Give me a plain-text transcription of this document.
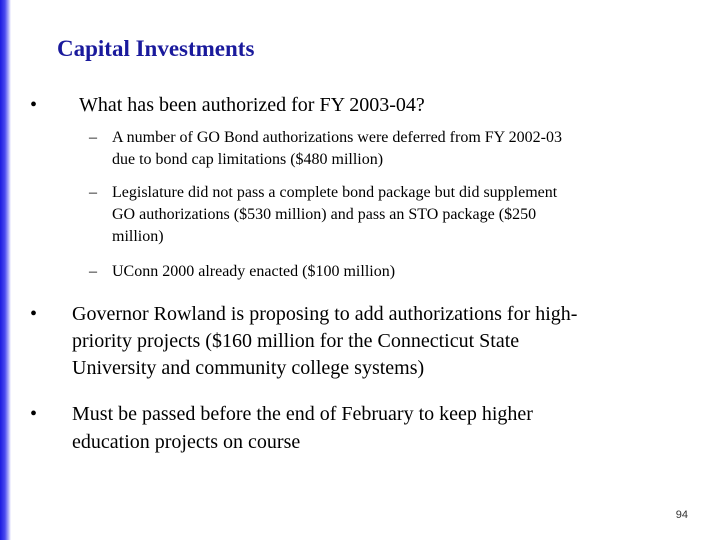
Capital Investments
•	What has been authorized for FY 2003-04?
– A number of GO Bond authorizations were deferred from FY 2002-03
due to bond cap limitations ($480 million)
– Legislature did not pass a complete bond package but did supplement
GO authorizations ($530 million) and pass an STO package ($250
million)
– UConn 2000 already enacted ($100 million)
•	Governor Rowland is proposing to add authorizations for high-
priority projects ($160 million for the Connecticut State
University and community college systems)
•	Must be passed before the end of February to keep higher
education projects on course
94
